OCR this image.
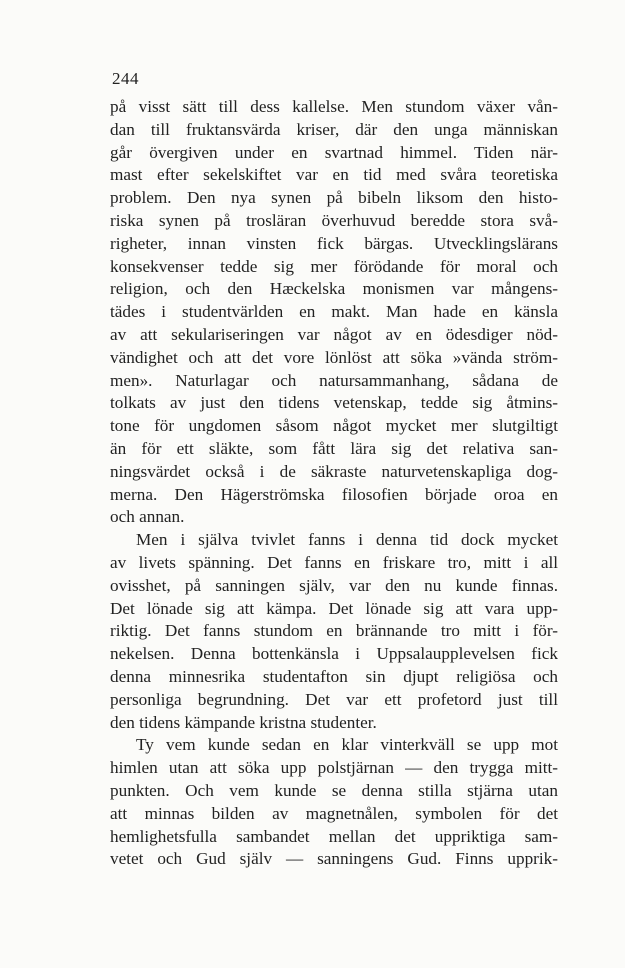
244
på visst sätt till dess kallelse. Men stundom växer vån-
dan till fruktansvärda kriser, där den unga människan
går övergiven under en svartnad himmel. Tiden när-
mast efter sekelskiftet var en tid med svåra teoretiska
problem. Den nya synen på bibeln liksom den histo-
riska synen på trosläran överhuvud beredde stora svå-
righeter, innan vinsten fick bärgas. Utvecklingslärans
konsekvenser tedde sig mer förödande för moral och
religion, och den Hæckelska monismen var mångens-
tädes i studentvärlden en makt. Man hade en känsla
av att sekulariseringen var något av en ödesdiger nöd-
vändighet och att det vore lönlöst att söka »vända ström-
men». Naturlagar och natursammanhang, sådana de
tolkats av just den tidens vetenskap, tedde sig åtmins-
tone för ungdomen såsom något mycket mer slutgiltigt
än för ett släkte, som fått lära sig det relativa san-
ningsvärdet också i de säkraste naturvetenskapliga dog-
merna. Den Hägerströmska filosofien började oroa en
och annan.
Men i själva tvivlet fanns i denna tid dock mycket
av livets spänning. Det fanns en friskare tro, mitt i all
ovisshet, på sanningen själv, var den nu kunde finnas.
Det lönade sig att kämpa. Det lönade sig att vara upp-
riktig. Det fanns stundom en brännande tro mitt i för-
nekelsen. Denna bottenkänsla i Uppsalaupplevelsen fick
denna minnesrika studentafton sin djupt religiösa och
personliga begrundning. Det var ett profetord just till
den tidens kämpande kristna studenter.
Ty vem kunde sedan en klar vinterkväll se upp mot
himlen utan att söka upp polstjärnan — den trygga mitt-
punkten. Och vem kunde se denna stilla stjärna utan
att minnas bilden av magnetnålen, symbolen för det
hemlighetsfulla sambandet mellan det uppriktiga sam-
vetet och Gud själv — sanningens Gud. Finns upprik-
